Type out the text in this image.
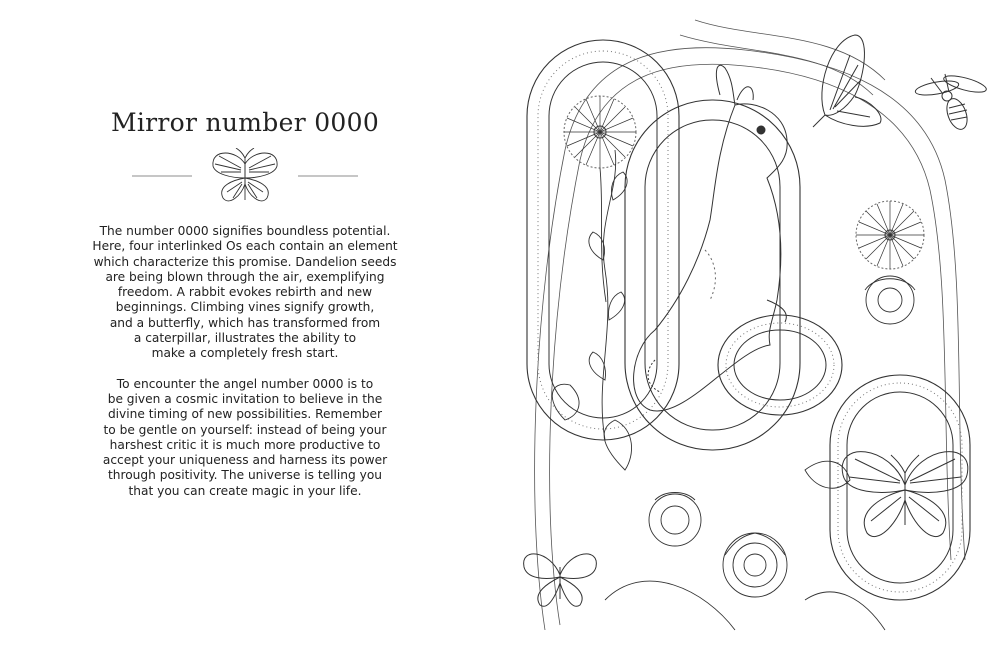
Mirror number 0000

The number 0000 signifies boundless potential.
Here, four interlinked Os each contain an element
which characterize this promise. Dandelion seeds
are being blown through the air, exemplifying
freedom. A rabbit evokes rebirth and new
beginnings. Climbing vines signify growth,
and a butterfly, which has transformed from
a caterpillar, illustrates the ability to
make a completely fresh start.

To encounter the angel number 0000 is to
be given a cosmic invitation to believe in the
divine timing of new possibilities. Remember
to be gentle on yourself: instead of being your
harshest critic it is much more productive to
accept your uniqueness and harness its power
through positivity. The universe is telling you
that you can create magic in your life.
